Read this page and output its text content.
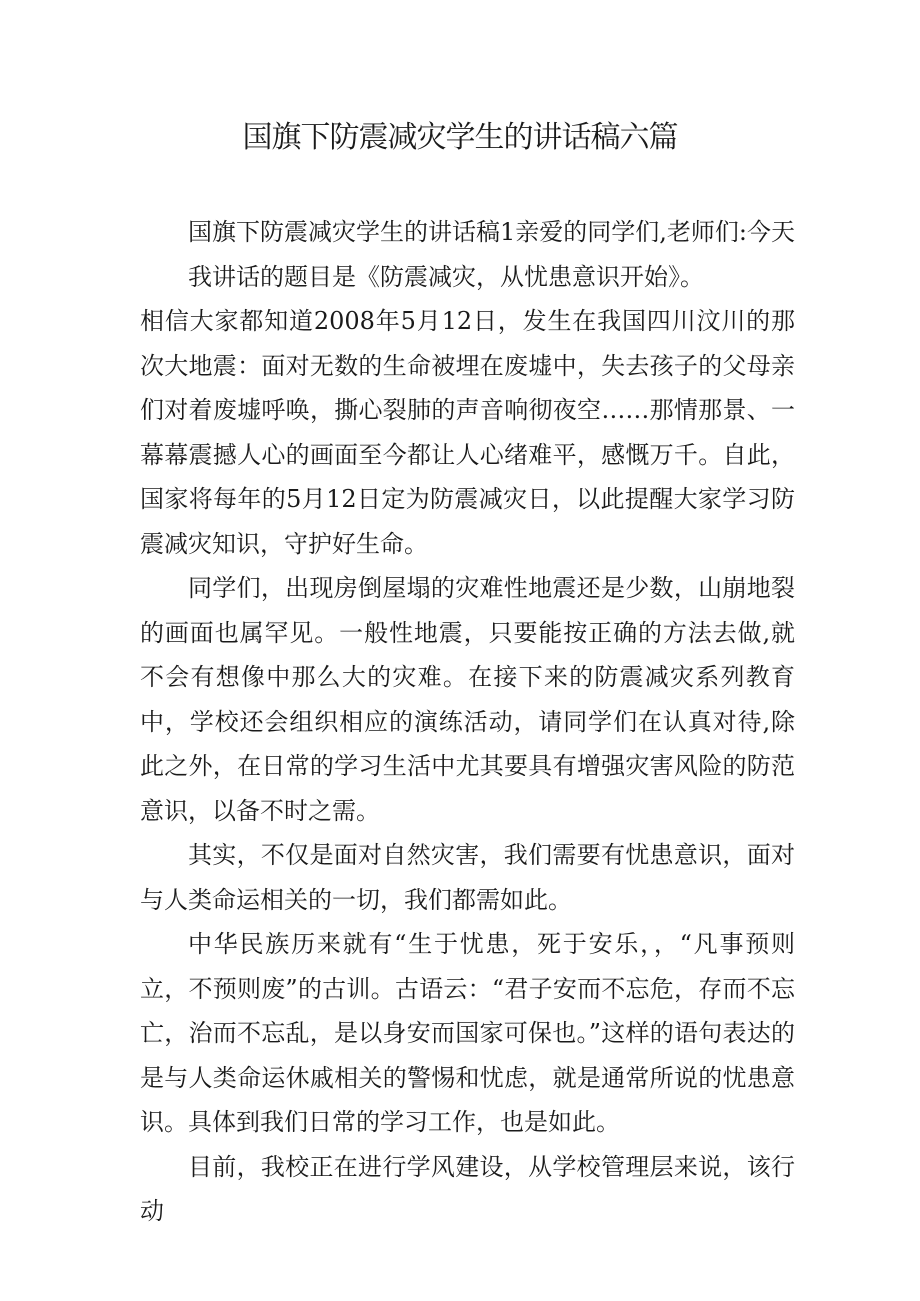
国旗下防震减灾学生的讲话稿六篇

国旗下防震减灾学生的讲话稿1亲爱的同学们,老师们:今天我讲话的题目是《防震减灾，从忧患意识开始》。

相信大家都知道2008年5月12日，发生在我国四川汶川的那次大地震：面对无数的生命被埋在废墟中，失去孩子的父母亲们对着废墟呼唤，撕心裂肺的声音响彻夜空……那情那景、一幕幕震撼人心的画面至今都让人心绪难平，感慨万千。自此，国家将每年的5月12日定为防震减灾日，以此提醒大家学习防震减灾知识，守护好生命。

同学们，出现房倒屋塌的灾难性地震还是少数，山崩地裂的画面也属罕见。一般性地震，只要能按正确的方法去做,就不会有想像中那么大的灾难。在接下来的防震减灾系列教育中，学校还会组织相应的演练活动，请同学们在认真对待,除此之外，在日常的学习生活中尤其要具有增强灾害风险的防范意识，以备不时之需。

其实，不仅是面对自然灾害，我们需要有忧患意识，面对与人类命运相关的一切，我们都需如此。

中华民族历来就有“生于忧患，死于安乐，，“凡事预则立，不预则废”的古训。古语云：“君子安而不忘危，存而不忘亡，治而不忘乱，是以身安而国家可保也。”这样的语句表达的是与人类命运休戚相关的警惕和忧虑，就是通常所说的忧患意识。具体到我们日常的学习工作，也是如此。

目前，我校正在进行学风建设，从学校管理层来说，该行动
